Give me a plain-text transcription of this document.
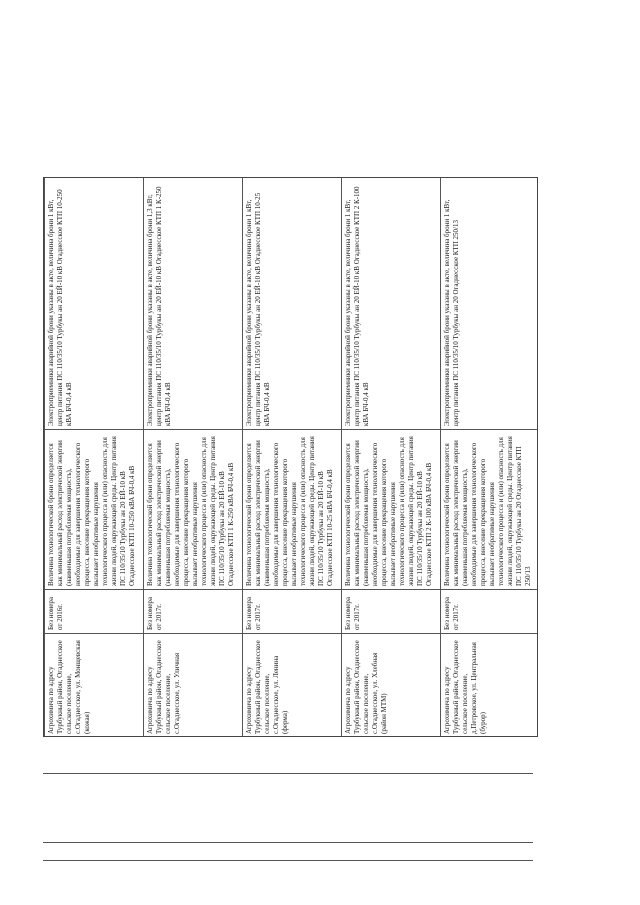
Агрохимича по адресу Турбукный район, Огаднесское сельское поселение, с.Огаднесское, ул. Монщевская (кожая)	Без номера от 2016г.	Величина технологической брони определяется как минимальный расход электрической энергии (наименьшая потребляемая мощность), необходимые для завершения технологического процесса, внесение прекращения которого вызывает необратимые нарушения технологического процесса и (или) опасность для жизни людей, окружающей среды. Центр питания ПС 110/35/10 Турбукы ан 20 ЕЙ-10 кВ Огаднесское КТП 10-250 кВА БЧ-0,4 кВ	Электроприемники аварийной брони указаны в акте, величина брони 1 кВт, центр питания ПС 110/35/10 Турбукы ан 20 ЕЙ-10 кВ Огаднесское КТП 10-250 кВА БЧ-0,4 кВ
Агрохимича по адресу Турбукный район, Огаднесское сельское поселение, с.Огаднесское, ул. Уличная	Без номера от 2017г.	Величина технологической брони определяется как минимальный расход электрической энергии (наименьшая потребляемая мощность), необходимые для завершения технологического процесса, внесение прекращения которого вызывает необратимые нарушения технологического процесса и (или) опасность для жизни людей, окружающей среды. Центр питания ПС 110/35/10 Турбукы ан 20 ЕЙ-10 кВ Огаднесское КТП 1 К-250 кВА БЧ-0,4 кВ	Электроприемники аварийной брони указаны в акте, величина брони 1,3 кВт, центр питания ПС 110/35/10 Турбукы ан 20 ЕЙ-10 кВ Огаднесское КТП 1 К-250 кВА БЧ-0,4 кВ
Агрохимича по адресу Турбукный район, Огаднесское сельское поселение, с.Огаднесское, ул. Ленина (ферма)	Без номера от 2017г.	Величина технологической брони определяется как минимальный расход электрической энергии (наименьшая потребляемая мощность), необходимые для завершения технологического процесса, внесение прекращения которого вызывает необратимые нарушения технологического процесса и (или) опасность для жизни людей, окружающей среды. Центр питания ПС 110/35/10 Турбукы ан 20 ЕЙ-10 кВ Огаднесское КТП 10-25 кВА БЧ-0,4 кВ	Электроприемники аварийной брони указаны в акте, величина брони 1 кВт, центр питания ПС 110/35/10 Турбукы ан 20 ЕЙ-10 кВ Огаднесское КТП 10-25 кВА БЧ-0,4 кВ
Агрохимича по адресу Турбукный район, Огаднесское сельское поселение, с.Огаднесское, ул. Хлебная (район МТМ)	Без номера от 2017г.	Величина технологической брони определяется как минимальный расход электрической энергии (наименьшая потребляемая мощность), необходимые для завершения технологического процесса, внесение прекращения которого вызывает необратимые нарушения технологического процесса и (или) опасность для жизни людей, окружающей среды. Центр питания ПС 110/35/10 Турбукы ан 20 ЕЙ-10 кВ Огаднесское КТП 2 К-100 кВА БЧ-0,4 кВ	Электроприемники аварийной брони указаны в акте, величина брони 1 кВт, центр питания ПС 110/35/10 Турбукы ан 20 ЕЙ-10 кВ Огаднесское КТП 2 К-100 кВА БЧ-0,4 кВ
Агрохимича по адресу Турбукный район, Огаднесское сельское поселение, д.Петровское, ул. Центральная (бурор)	Без номера от 2017г.	Величина технологической брони определяется как минимальный расход электрической энергии (наименьшая потребляемая мощность), необходимые для завершения технологического процесса, внесение прекращения которого вызывает необратимые нарушения технологического процесса и (или) опасность для жизни людей, окружающей среды. Центр питания ПС 110/35/10 Турбукы ан 20 Огаднесское КТП 250/13	Электроприемники аварийной брони указаны в акте, величина брони 1 кВт, центр питания ПС 110/35/10 Турбукы ан 20 Огаднесское КТП 250/13
